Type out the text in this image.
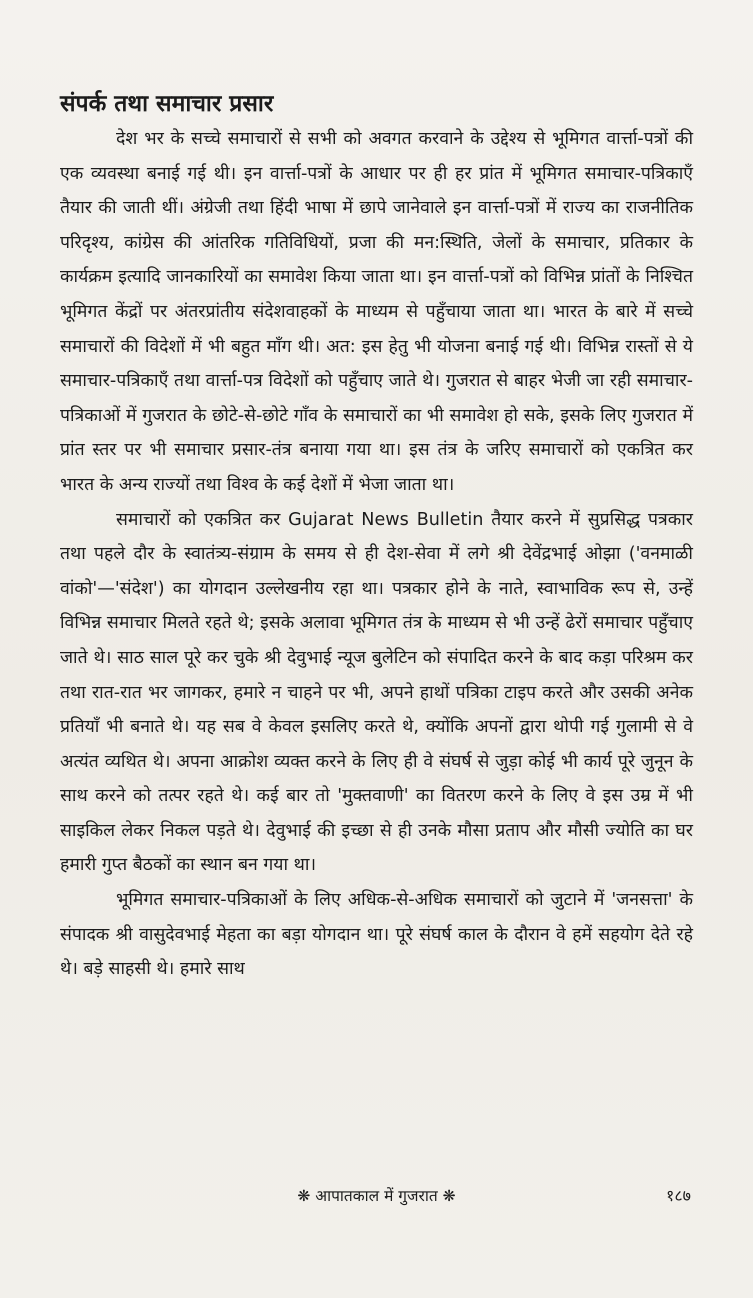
संपर्क तथा समाचार प्रसार

देश भर के सच्चे समाचारों से सभी को अवगत करवाने के उद्देश्य से भूमिगत वार्त्ता-पत्रों की एक व्यवस्था बनाई गई थी। इन वार्त्ता-पत्रों के आधार पर ही हर प्रांत में भूमिगत समाचार-पत्रिकाएँ तैयार की जाती थीं। अंग्रेजी तथा हिंदी भाषा में छापे जानेवाले इन वार्त्ता-पत्रों में राज्य का राजनीतिक परिदृश्य, कांग्रेस की आंतरिक गतिविधियों, प्रजा की मन:स्थिति, जेलों के समाचार, प्रतिकार के कार्यक्रम इत्यादि जानकारियों का समावेश किया जाता था। इन वार्त्ता-पत्रों को विभिन्न प्रांतों के निश्चित भूमिगत केंद्रों पर अंतरप्रांतीय संदेशवाहकों के माध्यम से पहुँचाया जाता था। भारत के बारे में सच्चे समाचारों की विदेशों में भी बहुत माँग थी। अत: इस हेतु भी योजना बनाई गई थी। विभिन्न रास्तों से ये समाचार-पत्रिकाएँ तथा वार्त्ता-पत्र विदेशों को पहुँचाए जाते थे। गुजरात से बाहर भेजी जा रही समाचार-पत्रिकाओं में गुजरात के छोटे-से-छोटे गाँव के समाचारों का भी समावेश हो सके, इसके लिए गुजरात में प्रांत स्तर पर भी समाचार प्रसार-तंत्र बनाया गया था। इस तंत्र के जरिए समाचारों को एकत्रित कर भारत के अन्य राज्यों तथा विश्व के कई देशों में भेजा जाता था।

समाचारों को एकत्रित कर Gujarat News Bulletin तैयार करने में सुप्रसिद्ध पत्रकार तथा पहले दौर के स्वातंत्र्य-संग्राम के समय से ही देश-सेवा में लगे श्री देवेंद्रभाई ओझा ('वनमाळी वांको'—'संदेश') का योगदान उल्लेखनीय रहा था। पत्रकार होने के नाते, स्वाभाविक रूप से, उन्हें विभिन्न समाचार मिलते रहते थे; इसके अलावा भूमिगत तंत्र के माध्यम से भी उन्हें ढेरों समाचार पहुँचाए जाते थे। साठ साल पूरे कर चुके श्री देवुभाई न्यूज बुलेटिन को संपादित करने के बाद कड़ा परिश्रम कर तथा रात-रात भर जागकर, हमारे न चाहने पर भी, अपने हाथों पत्रिका टाइप करते और उसकी अनेक प्रतियाँ भी बनाते थे। यह सब वे केवल इसलिए करते थे, क्योंकि अपनों द्वारा थोपी गई गुलामी से वे अत्यंत व्यथित थे। अपना आक्रोश व्यक्त करने के लिए ही वे संघर्ष से जुड़ा कोई भी कार्य पूरे जुनून के साथ करने को तत्पर रहते थे। कई बार तो 'मुक्तवाणी' का वितरण करने के लिए वे इस उम्र में भी साइकिल लेकर निकल पड़ते थे। देवुभाई की इच्छा से ही उनके मौसा प्रताप और मौसी ज्योति का घर हमारी गुप्त बैठकों का स्थान बन गया था।

भूमिगत समाचार-पत्रिकाओं के लिए अधिक-से-अधिक समाचारों को जुटाने में 'जनसत्ता' के संपादक श्री वासुदेवभाई मेहता का बड़ा योगदान था। पूरे संघर्ष काल के दौरान वे हमें सहयोग देते रहे थे। बड़े साहसी थे। हमारे साथ

❋ आपातकाल में गुजरात ❋	१८७
